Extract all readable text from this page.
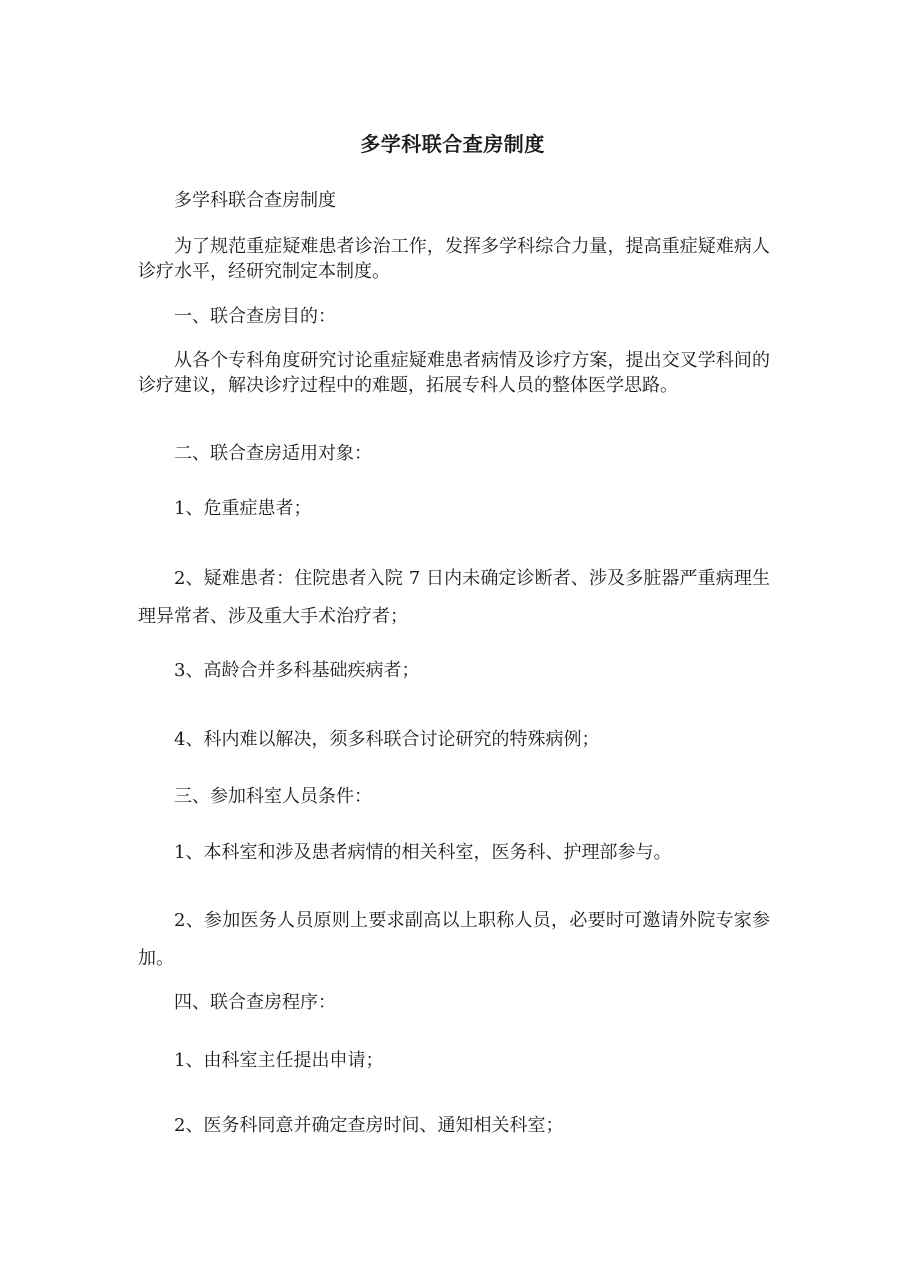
多学科联合查房制度
多学科联合查房制度
为了规范重症疑难患者诊治工作，发挥多学科综合力量，提高重症疑难病人诊疗水平，经研究制定本制度。
一、联合查房目的：
从各个专科角度研究讨论重症疑难患者病情及诊疗方案，提出交叉学科间的诊疗建议，解决诊疗过程中的难题，拓展专科人员的整体医学思路。
二、联合查房适用对象：
1、危重症患者；
2、疑难患者：住院患者入院 7 日内未确定诊断者、涉及多脏器严重病理生理异常者、涉及重大手术治疗者；
3、高龄合并多科基础疾病者；
4、科内难以解决，须多科联合讨论研究的特殊病例；
三、参加科室人员条件：
1、本科室和涉及患者病情的相关科室，医务科、护理部参与。
2、参加医务人员原则上要求副高以上职称人员，必要时可邀请外院专家参加。
四、联合查房程序：
1、由科室主任提出申请；
2、医务科同意并确定查房时间、通知相关科室；
